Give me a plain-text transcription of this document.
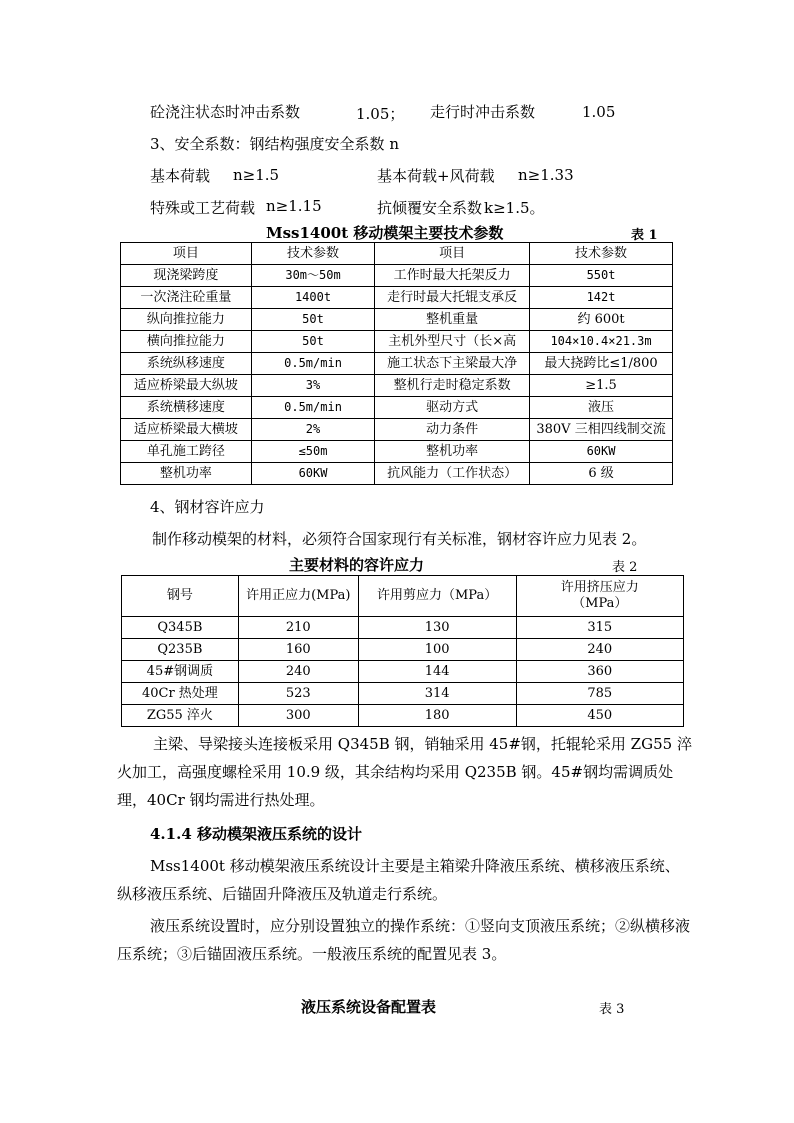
砼浇注状态时冲击系数	1.05； 走行时冲击系数	1.05
3、安全系数：钢结构强度安全系数 n
基本荷载 n≥1.5	基本荷载+风荷载 n≥1.33
特殊或工艺荷载 n≥1.15	抗倾覆安全系数 k≥1.5。
Mss1400t 移动模架主要技术参数	表 1
项目	技术参数	项目	技术参数
现浇梁跨度	30m～50m	工作时最大托架反力	550t
一次浇注砼重量	1400t	走行时最大托辊支承反	142t
纵向推拉能力	50t	整机重量	约 600t
横向推拉能力	50t	主机外型尺寸（长×高	104×10.4×21.3m
系统纵移速度	0.5m/min	施工状态下主梁最大净	最大挠跨比≤1/800
适应桥梁最大纵坡	3%	整机行走时稳定系数	≥1.5
系统横移速度	0.5m/min	驱动方式	液压
适应桥梁最大横坡	2%	动力条件	380V 三相四线制交流
单孔施工跨径	≤50m	整机功率	60KW
整机功率	60KW	抗风能力（工作状态）	6 级
4、钢材容许应力
制作移动模架的材料，必须符合国家现行有关标准，钢材容许应力见表 2。
主要材料的容许应力	表 2
钢号	许用正应力(MPa)	许用剪应力（MPa）	许用挤压应力
（MPa）
Q345B	210	130	315
Q235B	160	100	240
45#钢调质	240	144	360
40Cr 热处理	523	314	785
ZG55 淬火	300	180	450
主梁、导梁接头连接板采用 Q345B 钢，销轴采用 45#钢，托辊轮采用 ZG55 淬火加工，高强度螺栓采用 10.9 级，其余结构均采用 Q235B 钢。45#钢均需调质处理，40Cr 钢均需进行热处理。
4.1.4 移动模架液压系统的设计
Mss1400t 移动模架液压系统设计主要是主箱梁升降液压系统、横移液压系统、纵移液压系统、后锚固升降液压及轨道走行系统。
液压系统设置时，应分别设置独立的操作系统：①竖向支顶液压系统；②纵横移液压系统；③后锚固液压系统。一般液压系统的配置见表 3。
液压系统设备配置表	表 3
